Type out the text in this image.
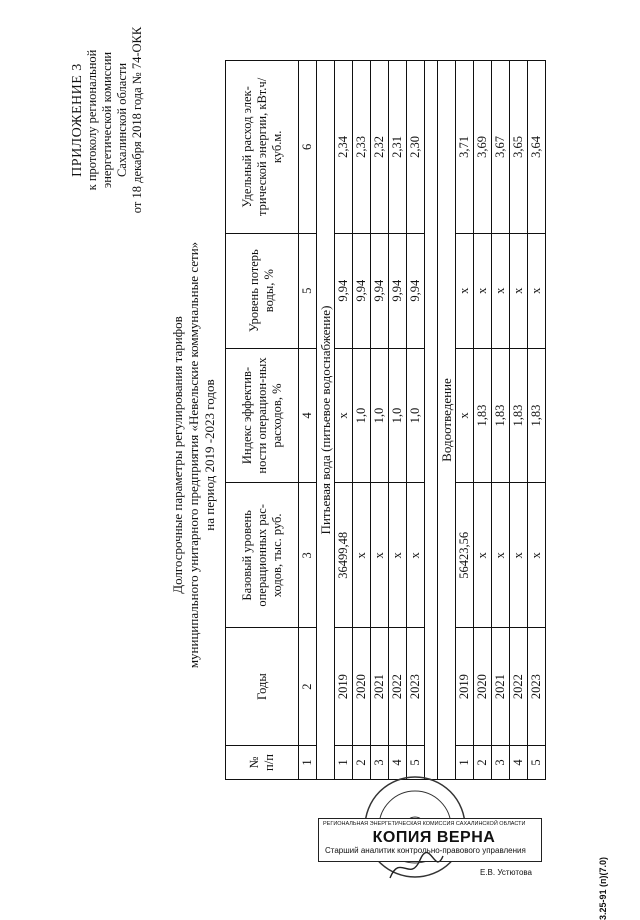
ПРИЛОЖЕНИЕ 3 к протоколу региональной энергетической комиссии Сахалинской области от 18 декабря 2018 года № 74-ОКК
Долгосрочные параметры регулирования тарифов муниципального унитарного предприятия «Невельские коммунальные сети» на период 2019 -2023 годов
№ п/п	Годы	Базовый уровень операционных рас-ходов, тыс. руб.	Индекс эффектив-ности операцион-ных расходов, %	Уровень потерь воды, %	Удельный расход элек-трической энергии, кВт.ч/куб.м.
1	2	3	4	5	6
Питьевая вода (питьевое водоснабжение)					
1	2019	36499,48	х	9,94	2,34
2	2020	х	1,0	9,94	2,33
3	2021	х	1,0	9,94	2,32
4	2022	х	1,0	9,94	2,31
5	2023	х	1,0	9,94	2,30

Водоотведение					
1	2019	56423,56	х	х	3,71
2	2020	х	1,83	х	3,69
3	2021	х	1,83	х	3,67
4	2022	х	1,83	х	3,65
5	2023	х	1,83	х	3,64
РЕГИОНАЛЬНАЯ ЭНЕРГЕТИЧЕСКАЯ КОМИССИЯ САХАЛИНСКОЙ ОБЛАСТИ
КОПИЯ ВЕРНА
Старший аналитик контрольно-правового управления
Е.В. Устютова	3.25-91 (п)(7.0)
